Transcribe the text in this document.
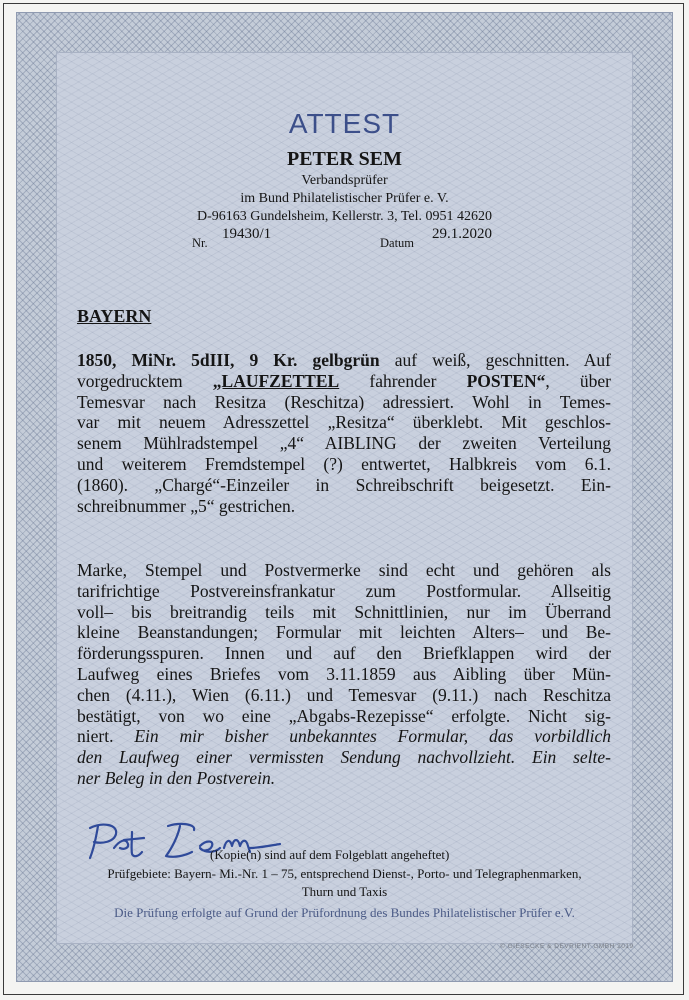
ATTEST
PETER SEM
Verbandsprüfer
im Bund Philatelistischer Prüfer e. V.
D-96163 Gundelsheim, Kellerstr. 3, Tel. 0951 42620
Nr.
19430/1
Datum
29.1.2020
BAYERN
1850, MiNr. 5dIII, 9 Kr. gelbgrün auf weiß, geschnitten. Auf
vorgedrucktem „LAUFZETTEL fahrender POSTEN“, über
Temesvar nach Resitza (Reschitza) adressiert. Wohl in Temes-
var mit neuem Adresszettel „Resitza“ überklebt. Mit geschlos-
senem Mühlradstempel „4“ AIBLING der zweiten Verteilung
und weiterem Fremdstempel (?) entwertet, Halbkreis vom 6.1.
(1860). „Chargé“-Einzeiler in Schreibschrift beigesetzt. Ein-
schreibnummer „5“ gestrichen.
Marke, Stempel und Postvermerke sind echt und gehören als
tarifrichtige Postvereinsfrankatur zum Postformular. Allseitig
voll– bis breitrandig teils mit Schnittlinien, nur im Überrand
kleine Beanstandungen; Formular mit leichten Alters– und Be-
förderungsspuren. Innen und auf den Briefklappen wird der
Laufweg eines Briefes vom 3.11.1859 aus Aibling über Mün-
chen (4.11.), Wien (6.11.) und Temesvar (9.11.) nach Reschitza
bestätigt, von wo eine „Abgabs-Rezepisse“ erfolgte. Nicht sig-
niert. Ein mir bisher unbekanntes Formular, das vorbildlich
den Laufweg einer vermissten Sendung nachvollzieht. Ein selte-
ner Beleg in den Postverein.
(Kopie(n) sind auf dem Folgeblatt angeheftet)
Prüfgebiete: Bayern- Mi.-Nr. 1 – 75, entsprechend Dienst-, Porto- und Telegraphenmarken,
Thurn und Taxis
Die Prüfung erfolgte auf Grund der Prüfordnung des Bundes Philatelistischer Prüfer e.V.
© GIESECKE & DEVRIENT GMBH 2019
